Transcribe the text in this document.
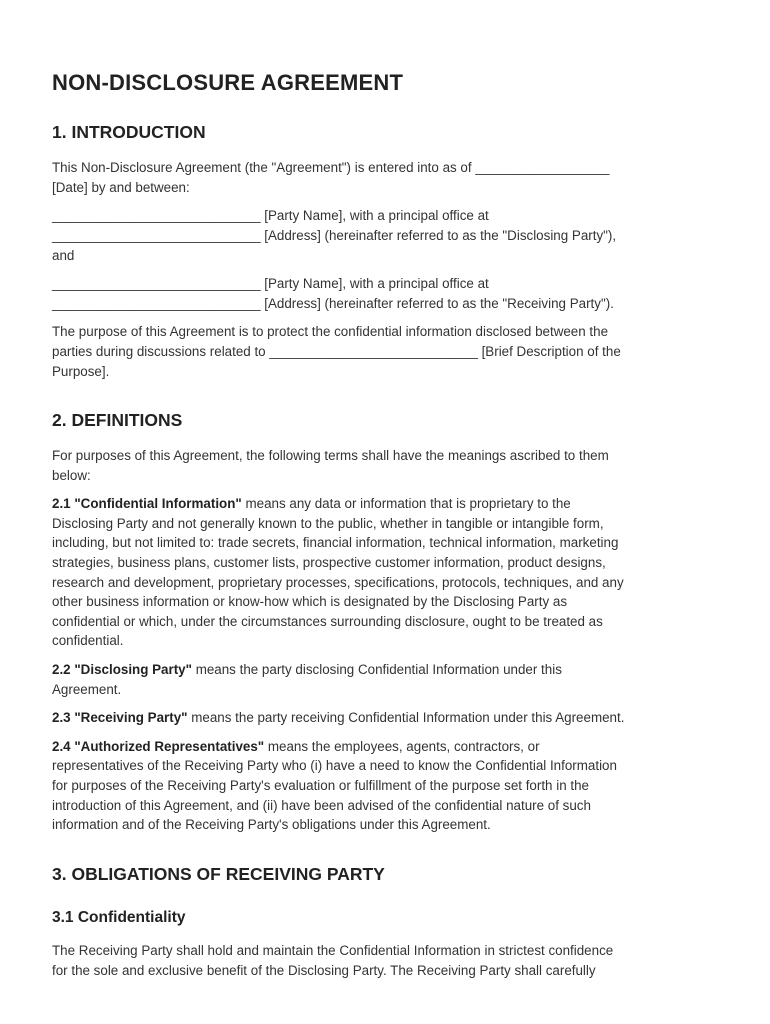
NON-DISCLOSURE AGREEMENT
1. INTRODUCTION

This Non-Disclosure Agreement (the "Agreement") is entered into as of __________________
[Date] by and between:

____________________________ [Party Name], with a principal office at
____________________________ [Address] (hereinafter referred to as the "Disclosing Party"),
and

____________________________ [Party Name], with a principal office at
____________________________ [Address] (hereinafter referred to as the "Receiving Party").

The purpose of this Agreement is to protect the confidential information disclosed between the
parties during discussions related to ____________________________ [Brief Description of the
Purpose].

2. DEFINITIONS

For purposes of this Agreement, the following terms shall have the meanings ascribed to them
below:

2.1 "Confidential Information" means any data or information that is proprietary to the
Disclosing Party and not generally known to the public, whether in tangible or intangible form,
including, but not limited to: trade secrets, financial information, technical information, marketing
strategies, business plans, customer lists, prospective customer information, product designs,
research and development, proprietary processes, specifications, protocols, techniques, and any
other business information or know-how which is designated by the Disclosing Party as
confidential or which, under the circumstances surrounding disclosure, ought to be treated as
confidential.

2.2 "Disclosing Party" means the party disclosing Confidential Information under this
Agreement.

2.3 "Receiving Party" means the party receiving Confidential Information under this Agreement.

2.4 "Authorized Representatives" means the employees, agents, contractors, or
representatives of the Receiving Party who (i) have a need to know the Confidential Information
for purposes of the Receiving Party's evaluation or fulfillment of the purpose set forth in the
introduction of this Agreement, and (ii) have been advised of the confidential nature of such
information and of the Receiving Party's obligations under this Agreement.

3. OBLIGATIONS OF RECEIVING PARTY
3.1 Confidentiality

The Receiving Party shall hold and maintain the Confidential Information in strictest confidence
for the sole and exclusive benefit of the Disclosing Party. The Receiving Party shall carefully
